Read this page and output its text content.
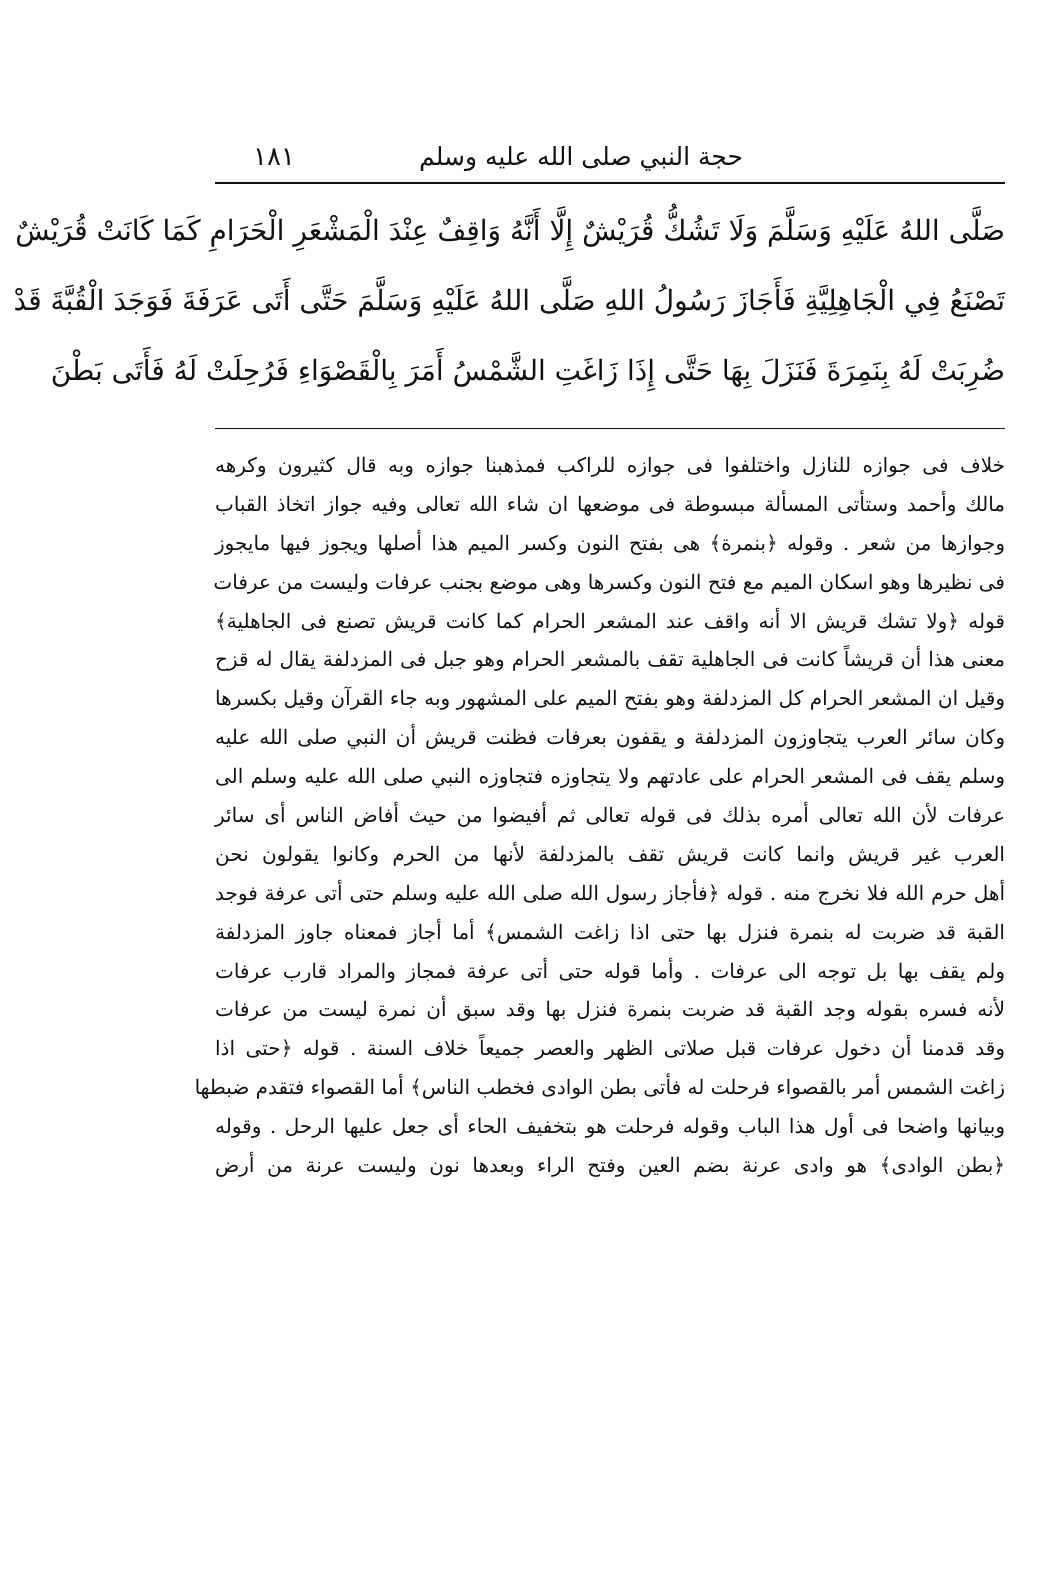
حجة النبي صلى الله عليه وسلم
١٨١
صَلَّى اللهُ عَلَيْهِ وَسَلَّمَ وَلَا تَشُكُّ قُرَيْشٌ إِلَّا أَنَّهُ وَاقِفٌ عِنْدَ الْمَشْعَرِ الْحَرَامِ كَمَا كَانَتْ قُرَيْشٌ
تَصْنَعُ فِي الْجَاهِلِيَّةِ فَأَجَازَ رَسُولُ اللهِ صَلَّى اللهُ عَلَيْهِ وَسَلَّمَ حَتَّى أَتَى عَرَفَةَ فَوَجَدَ الْقُبَّةَ قَدْ
ضُرِبَتْ لَهُ بِنَمِرَةَ فَنَزَلَ بِهَا حَتَّى إِذَا زَاغَتِ الشَّمْسُ أَمَرَ بِالْقَصْوَاءِ فَرُحِلَتْ لَهُ فَأَتَى بَطْنَ
خلاف فى جوازه للنازل واختلفوا فى جوازه للراكب فمذهبنا جوازه وبه قال كثيرون وكرهه
مالك وأحمد وستأتى المسألة مبسوطة فى موضعها ان شاء الله تعالى وفيه جواز اتخاذ القباب
وجوازها من شعر . وقوله ﴿بنمرة﴾ هى بفتح النون وكسر الميم هذا أصلها ويجوز فيها مايجوز
فى نظيرها وهو اسكان الميم مع فتح النون وكسرها وهى موضع بجنب عرفات وليست من عرفات
قوله ﴿ولا تشك قريش الا أنه واقف عند المشعر الحرام كما كانت قريش تصنع فى الجاهلية﴾
معنى هذا أن قريشاً كانت فى الجاهلية تقف بالمشعر الحرام وهو جبل فى المزدلفة يقال له قزح
وقيل ان المشعر الحرام كل المزدلفة وهو بفتح الميم على المشهور وبه جاء القرآن وقيل بكسرها
وكان سائر العرب يتجاوزون المزدلفة و يقفون بعرفات فظنت قريش أن النبي صلى الله عليه
وسلم يقف فى المشعر الحرام على عادتهم ولا يتجاوزه فتجاوزه النبي صلى الله عليه وسلم الى
عرفات لأن الله تعالى أمره بذلك فى قوله تعالى ثم أفيضوا من حيث أفاض الناس أى سائر
العرب غير قريش وانما كانت قريش تقف بالمزدلفة لأنها من الحرم وكانوا يقولون نحن
أهل حرم الله فلا نخرج منه . قوله ﴿فأجاز رسول الله صلى الله عليه وسلم حتى أتى عرفة فوجد
القبة قد ضربت له بنمرة فنزل بها حتى اذا زاغت الشمس﴾ أما أجاز فمعناه جاوز المزدلفة
ولم يقف بها بل توجه الى عرفات . وأما قوله حتى أتى عرفة فمجاز والمراد قارب عرفات
لأنه فسره بقوله وجد القبة قد ضربت بنمرة فنزل بها وقد سبق أن نمرة ليست من عرفات
وقد قدمنا أن دخول عرفات قبل صلاتى الظهر والعصر جميعاً خلاف السنة . قوله ﴿حتى اذا
زاغت الشمس أمر بالقصواء فرحلت له فأتى بطن الوادى فخطب الناس﴾ أما القصواء فتقدم ضبطها
وبيانها واضحا فى أول هذا الباب وقوله فرحلت هو بتخفيف الحاء أى جعل عليها الرحل . وقوله
﴿بطن الوادى﴾ هو وادى عرنة بضم العين وفتح الراء وبعدها نون وليست عرنة من أرض
